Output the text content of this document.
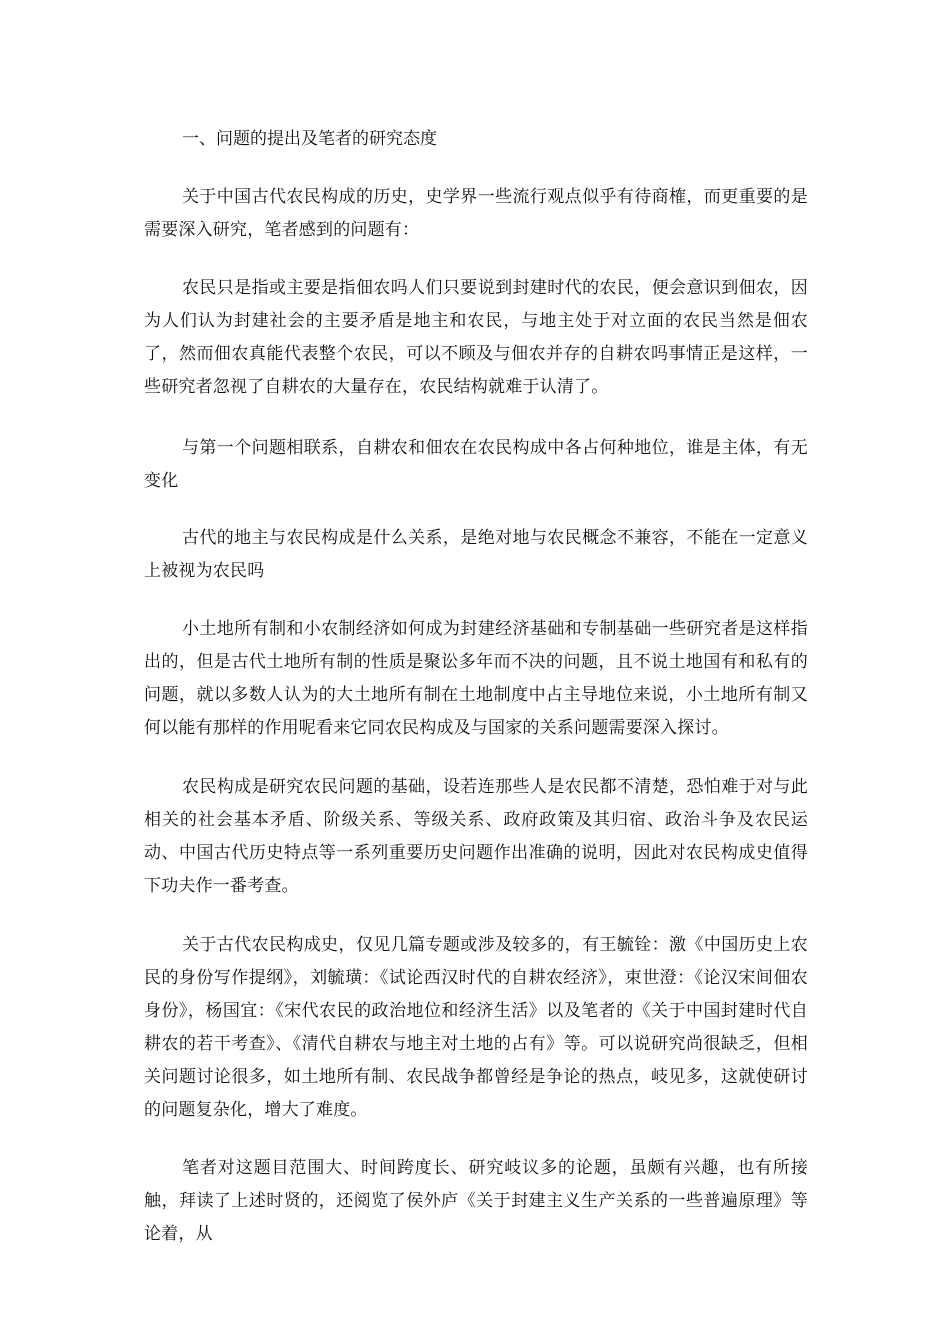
一、问题的提出及笔者的研究态度

关于中国古代农民构成的历史，史学界一些流行观点似乎有待商榷，而更重要的是需要深入研究，笔者感到的问题有：

农民只是指或主要是指佃农吗人们只要说到封建时代的农民，便会意识到佃农，因为人们认为封建社会的主要矛盾是地主和农民，与地主处于对立面的农民当然是佃农了，然而佃农真能代表整个农民，可以不顾及与佃农并存的自耕农吗事情正是这样，一些研究者忽视了自耕农的大量存在，农民结构就难于认清了。

与第一个问题相联系，自耕农和佃农在农民构成中各占何种地位，谁是主体，有无变化

古代的地主与农民构成是什么关系，是绝对地与农民概念不兼容，不能在一定意义上被视为农民吗

小土地所有制和小农制经济如何成为封建经济基础和专制基础一些研究者是这样指出的，但是古代土地所有制的性质是聚讼多年而不决的问题，且不说土地国有和私有的问题，就以多数人认为的大土地所有制在土地制度中占主导地位来说，小土地所有制又何以能有那样的作用呢看来它同农民构成及与国家的关系问题需要深入探讨。

农民构成是研究农民问题的基础，设若连那些人是农民都不清楚，恐怕难于对与此相关的社会基本矛盾、阶级关系、等级关系、政府政策及其归宿、政治斗争及农民运动、中国古代历史特点等一系列重要历史问题作出准确的说明，因此对农民构成史值得下功夫作一番考查。

关于古代农民构成史，仅见几篇专题或涉及较多的，有王毓铨：激《中国历史上农民的身份写作提纲》，刘毓璜：《试论西汉时代的自耕农经济》，束世澄：《论汉宋间佃农身份》，杨国宜：《宋代农民的政治地位和经济生活》以及笔者的《关于中国封建时代自耕农的若干考查》、《清代自耕农与地主对土地的占有》等。可以说研究尚很缺乏，但相关问题讨论很多，如土地所有制、农民战争都曾经是争论的热点，岐见多，这就使研讨的问题复杂化，增大了难度。

笔者对这题目范围大、时间跨度长、研究岐议多的论题，虽颇有兴趣，也有所接触，拜读了上述时贤的，还阅览了侯外庐《关于封建主义生产关系的一些普遍原理》等论着，从
